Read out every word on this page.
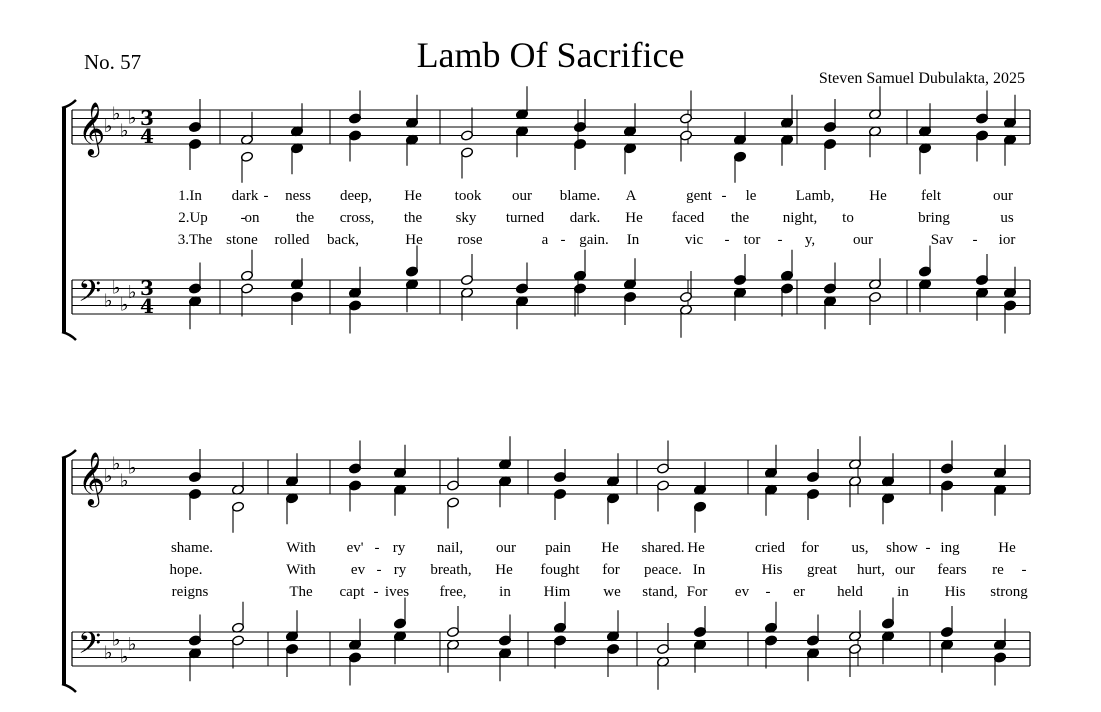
No. 57	Lamb Of Sacrifice
Steven Samuel Dubulakta, 2025
𝄞
♭
♭
♭
♭ 3
4
𝄢 ♭
♭
♭
♭ 3
4
𝄞
♭
♭
♭
♭
𝄢 ♭
♭
♭
♭
1.In dark - ness deep, He took our blame. A	gent - le	Lamb, He felt	our
2.Up - on the cross, the sky turned dark. He faced the night, to	bring	us
3.The stone rolled back,	He rose	a - gain. In	vic - tor - y,	our	Sav - ior
shame.	With ev' - ry nail, our pain He shared. He	cried for us, show - ing	He
hope.	With ev - ry breath, He fought for peace. In	His great hurt, our fears re -
reigns	The capt - ives free, in Him we stand, For ev - er held in His strong
